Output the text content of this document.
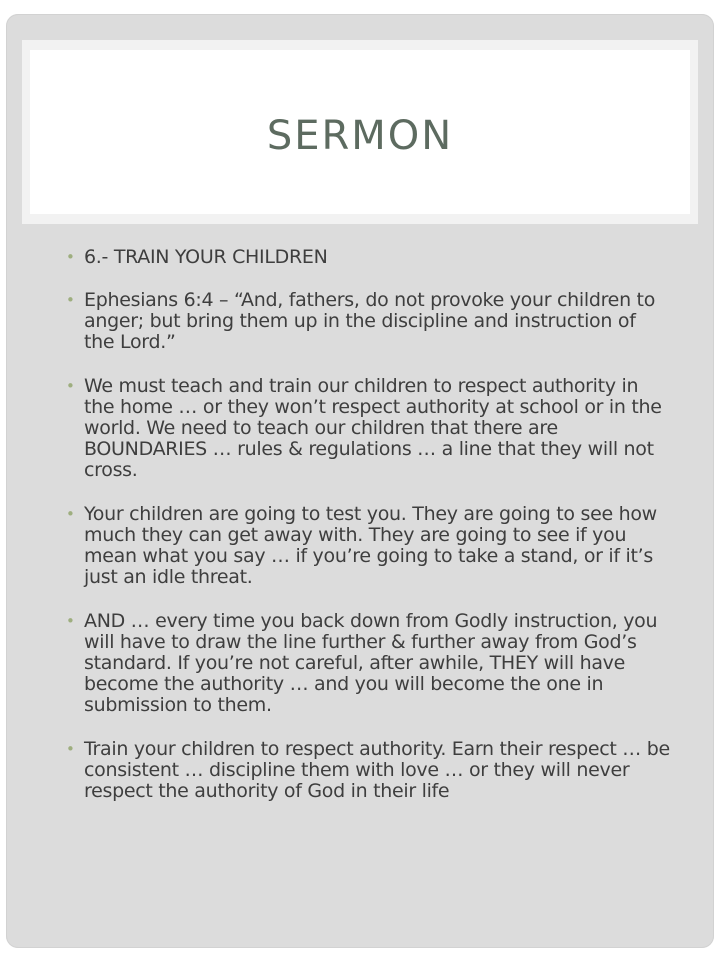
SERMON
• 6.- TRAIN YOUR CHILDREN
• Ephesians 6:4 – “And, fathers, do not provoke your children to anger; but bring them up in the discipline and instruction of the Lord.”
• We must teach and train our children to respect authority in the home … or they won’t respect authority at school or in the world. We need to teach our children that there are BOUNDARIES … rules & regulations … a line that they will not cross.
• Your children are going to test you. They are going to see how much they can get away with. They are going to see if you mean what you say … if you’re going to take a stand, or if it’s just an idle threat.
• AND … every time you back down from Godly instruction, you will have to draw the line further & further away from God’s standard. If you’re not careful, after awhile, THEY will have become the authority … and you will become the one in submission to them.
• Train your children to respect authority. Earn their respect … be consistent … discipline them with love … or they will never respect the authority of God in their life
